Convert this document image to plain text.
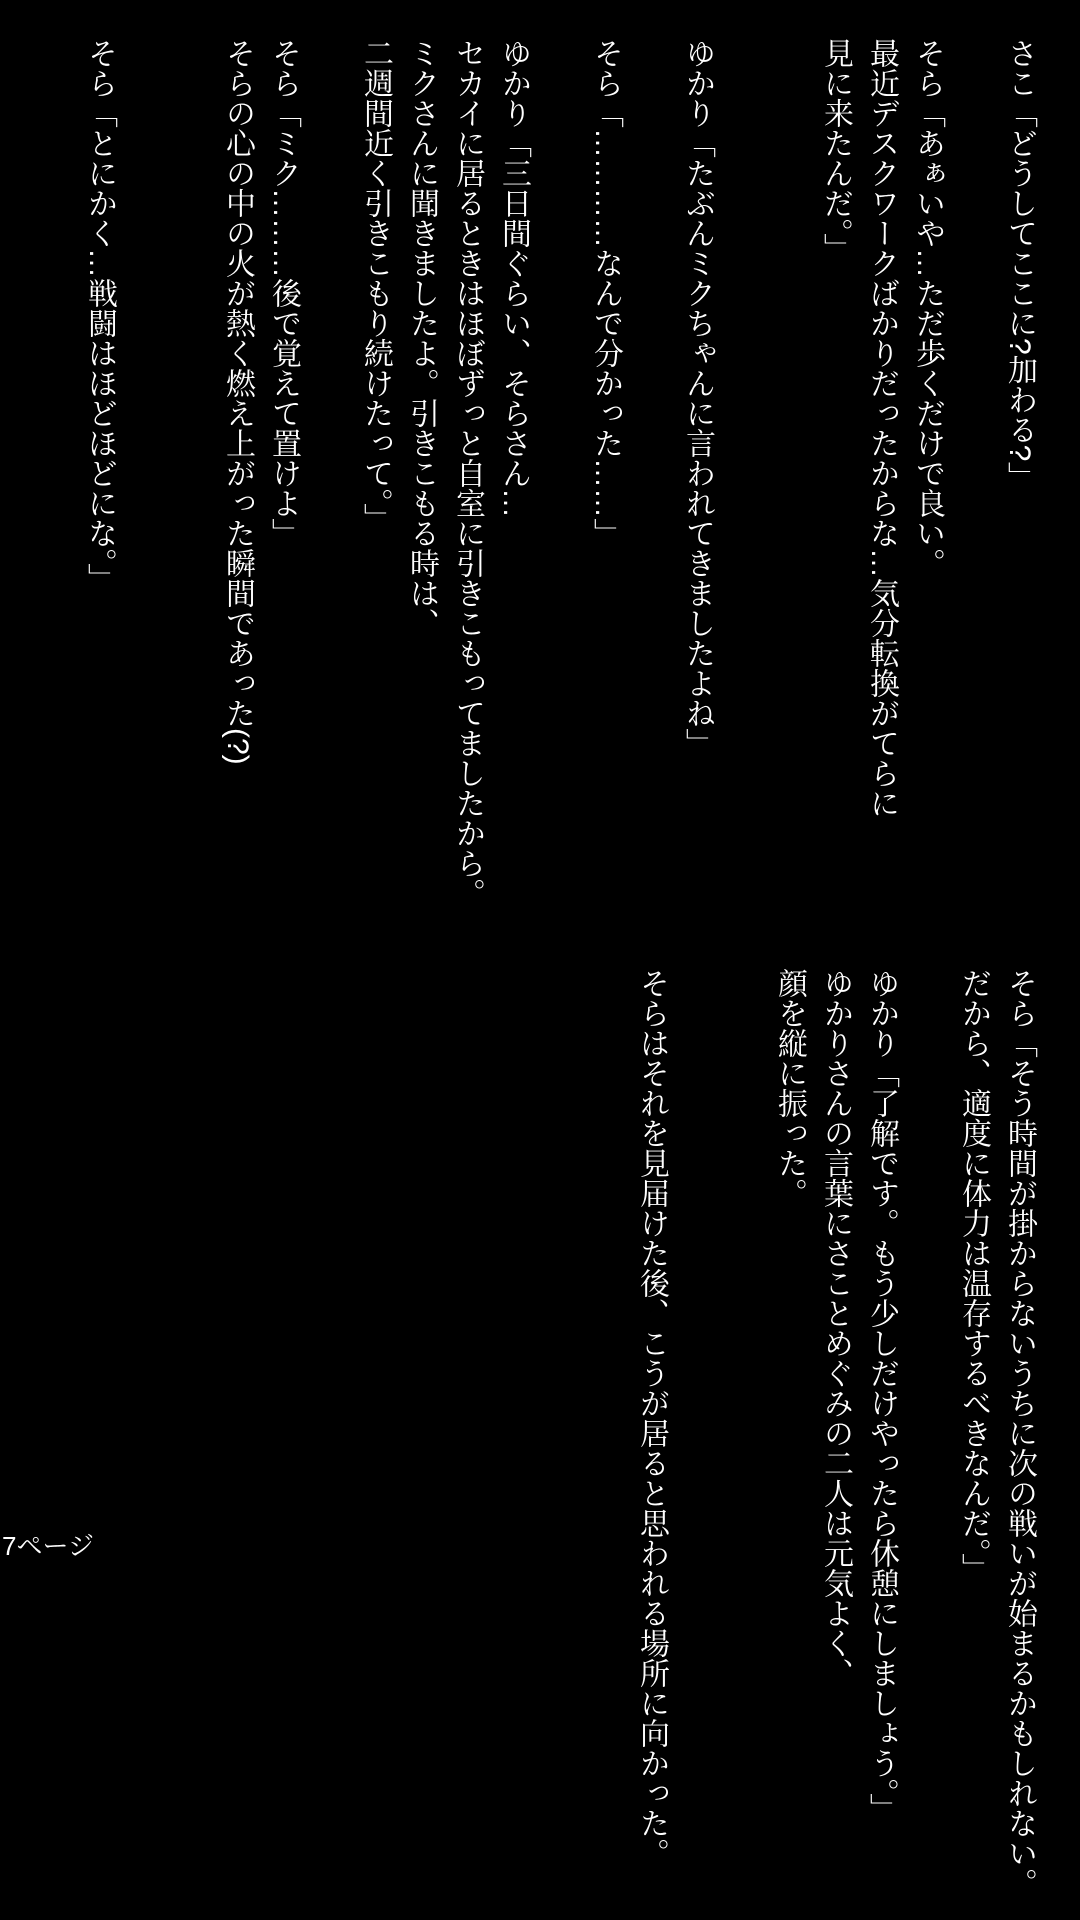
さこ「どうしてここに?加わる?」
そら「あぁいや…ただ歩くだけで良い。
最近デスクワークばかりだったからな…気分転換がてらに
見に来たんだ。」
ゆかり「たぶんミクちゃんに言われてきましたよね」
そら「…………なんで分かった……」
ゆかり「三日間ぐらい、そらさん…
セカイに居るときはほぼずっと自室に引きこもってましたから。
ミクさんに聞きましたよ。引きこもる時は、
二週間近く引きこもり続けたって。」
そら「ミク………後で覚えて置けよ」
そらの心の中の火が熱く燃え上がった瞬間であった(?)
そら「とにかく…戦闘はほどほどにな。」
そら「そう時間が掛からないうちに次の戦いが始まるかもしれない。
だから、適度に体力は温存するべきなんだ。」
ゆかり「了解です。もう少しだけやったら休憩にしましょう。」
ゆかりさんの言葉にさことめぐみの二人は元気よく、
顔を縦に振った。
そらはそれを見届けた後、こうが居ると思われる場所に向かった。
7ページ
